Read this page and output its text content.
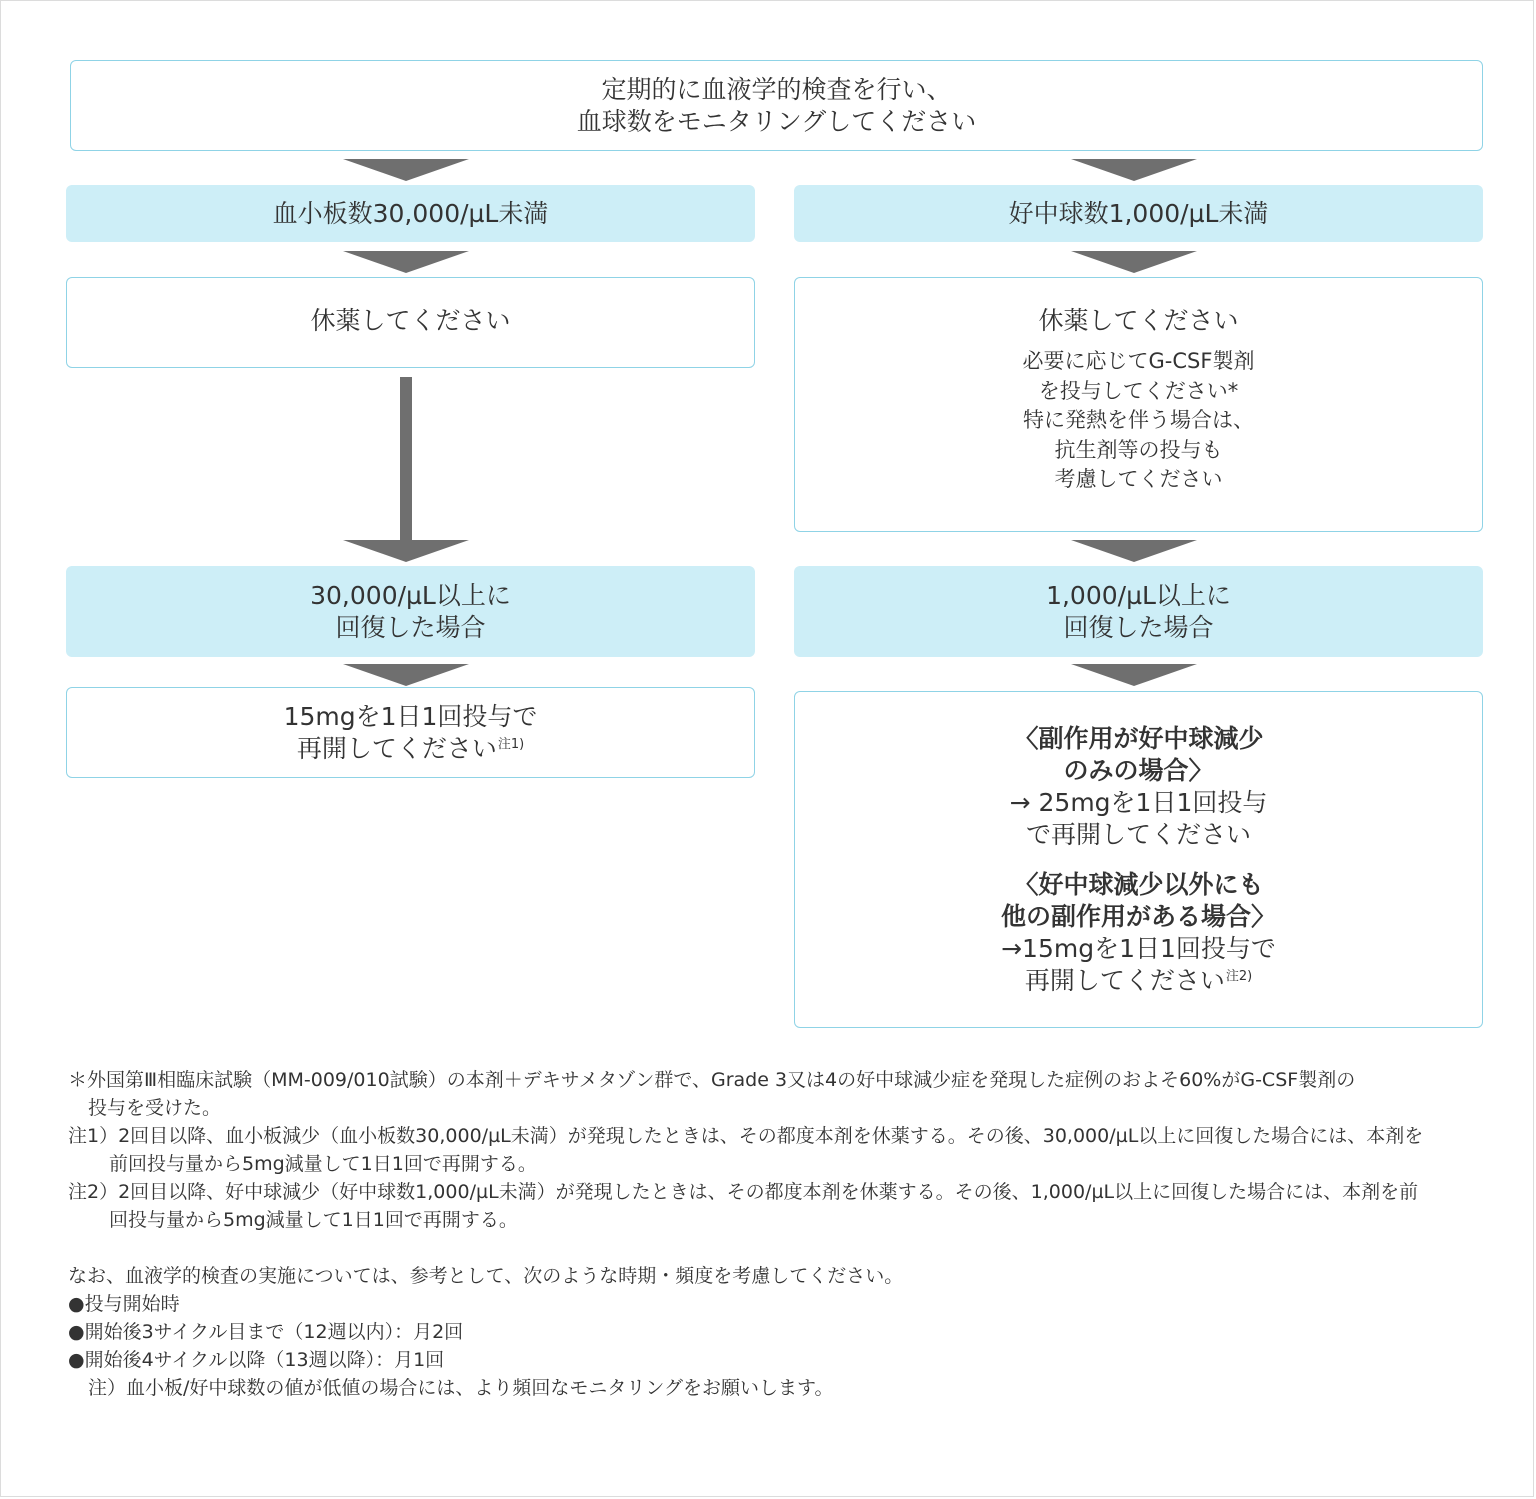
定期的に血液学的検査を行い、
血球数をモニタリングしてください
血小板数30,000/µL未満
休薬してください
30,000/µL以上に
回復した場合
15mgを1日1回投与で
再開してください$^{注1)}$
好中球数1,000/µL未満
休薬してください
必要に応じてG-CSF製剤
を投与してください*
特に発熱を伴う場合は、
抗生剤等の投与も
考慮してください
1,000/µL以上に
回復した場合
〈副作用が好中球減少
のみの場合〉
→ 25mgを1日1回投与
で再開してください
〈好中球減少以外にも
他の副作用がある場合〉
→15mgを1日1回投与で
再開してください$^{注2)}$
＊ 外国第Ⅲ相臨床試験（MM-009/010試験）の本剤＋デキサメタゾン群で、Grade 3又は4の好中球減少症を発現した症例のおよそ60%がG-CSF製剤の
投与を受けた。
注1） 2回目以降、血小板減少（血小板数30,000/µL未満）が発現したときは、その都度本剤を休薬する。その後、30,000/µL以上に回復した場合には、本剤を
前回投与量から5mg減量して1日1回で再開する。
注2） 2回目以降、好中球減少（好中球数1,000/µL未満）が発現したときは、その都度本剤を休薬する。その後、1,000/µL以上に回復した場合には、本剤を前
回投与量から5mg減量して1日1回で再開する。
なお、血液学的検査の実施については、参考として、次のような時期・頻度を考慮してください。
●投与開始時
●開始後3サイクル目まで（12週以内）：月2回
●開始後4サイクル以降（13週以降）：月1回
注）血小板/好中球数の値が低値の場合には、より頻回なモニタリングをお願いします。
